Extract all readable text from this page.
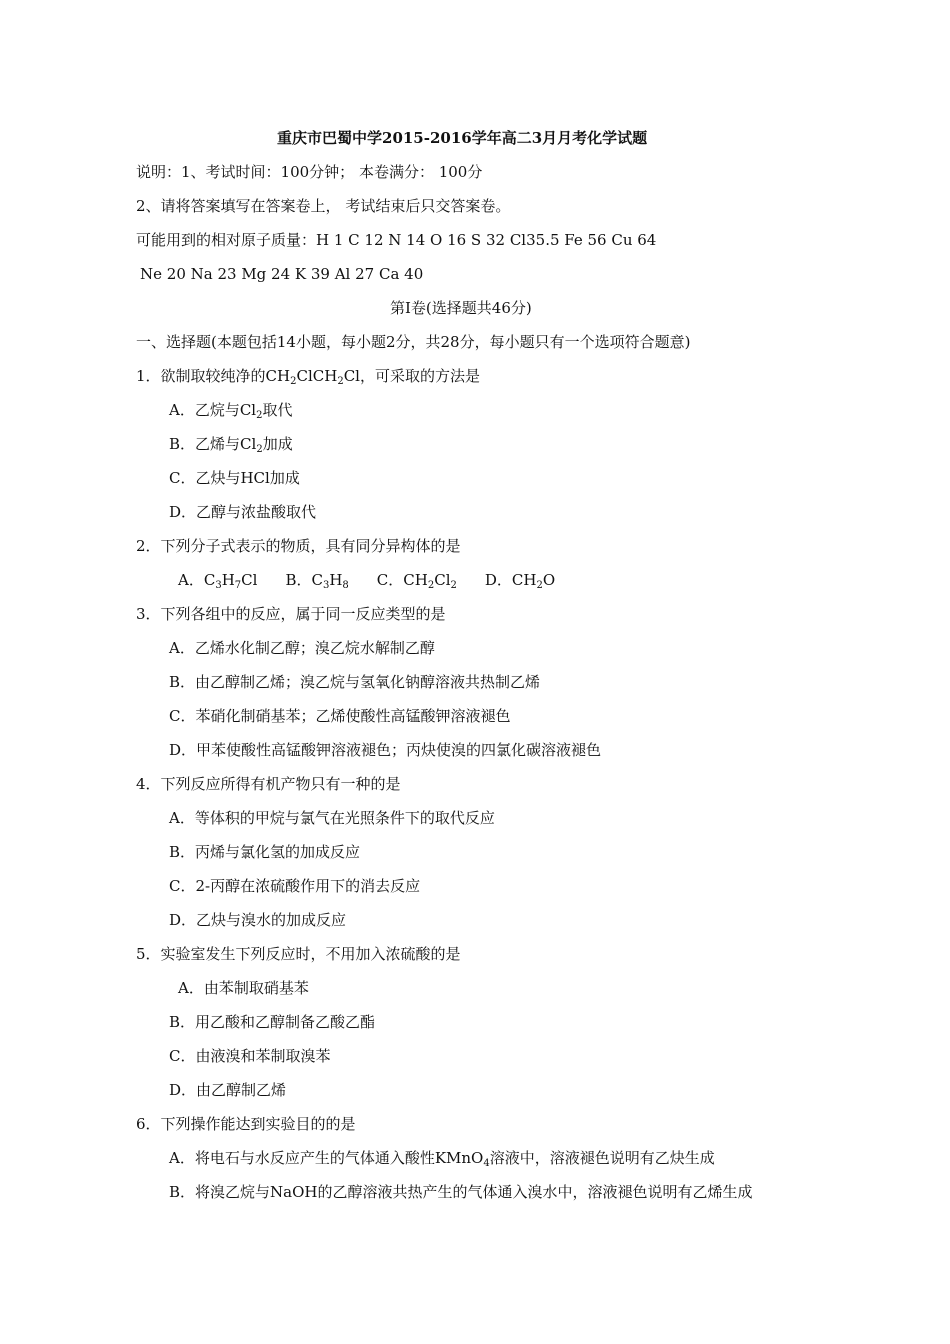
重庆市巴蜀中学2015-2016学年高二3月月考化学试题
说明：1、考试时间：100分钟； 本卷满分： 100分
2、请将答案填写在答案卷上， 考试结束后只交答案卷。
可能用到的相对原子质量：H 1 C 12 N 14 O 16 S 32 Cl35.5 Fe 56 Cu 64
Ne 20 Na 23 Mg 24 K 39 Al 27 Ca 40
第Ⅰ卷(选择题共46分)
一、选择题(本题包括14小题，每小题2分，共28分，每小题只有一个选项符合题意)
1．欲制取较纯净的$CH_2ClCH_2Cl$，可采取的方法是
A．乙烷与$Cl_2$取代
B．乙烯与$Cl_2$加成
C．乙炔与HCl加成
D．乙醇与浓盐酸取代
2．下列分子式表示的物质，具有同分异构体的是
A．$C_3H_7Cl$ B．$C_3H_8$ C．$CH_2Cl_2$ D．$CH_2O$
3．下列各组中的反应，属于同一反应类型的是
A．乙烯水化制乙醇；溴乙烷水解制乙醇
B．由乙醇制乙烯；溴乙烷与氢氧化钠醇溶液共热制乙烯
C．苯硝化制硝基苯；乙烯使酸性高锰酸钾溶液褪色
D．甲苯使酸性高锰酸钾溶液褪色；丙炔使溴的四氯化碳溶液褪色
4．下列反应所得有机产物只有一种的是
A．等体积的甲烷与氯气在光照条件下的取代反应
B．丙烯与氯化氢的加成反应
C．2-丙醇在浓硫酸作用下的消去反应
D．乙炔与溴水的加成反应
5．实验室发生下列反应时，不用加入浓硫酸的是
A．由苯制取硝基苯
B．用乙酸和乙醇制备乙酸乙酯
C．由液溴和苯制取溴苯
D．由乙醇制乙烯
6．下列操作能达到实验目的的是
A．将电石与水反应产生的气体通入酸性KMnO$_4$溶液中，溶液褪色说明有乙炔生成
B．将溴乙烷与NaOH的乙醇溶液共热产生的气体通入溴水中，溶液褪色说明有乙烯生成
